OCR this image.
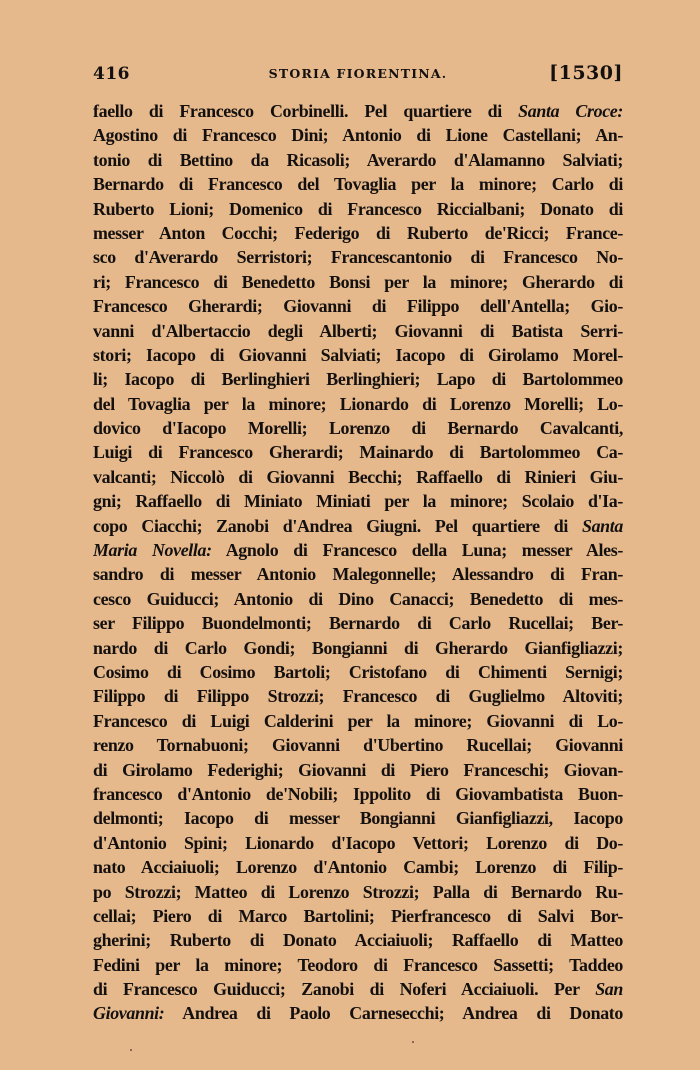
416	STORIA FIORENTINA.	[1530]
faello di Francesco Corbinelli. Pel quartiere di Santa Croce:
Agostino di Francesco Dini; Antonio di Lione Castellani; An-
tonio di Bettino da Ricasoli; Averardo d'Alamanno Salviati;
Bernardo di Francesco del Tovaglia per la minore; Carlo di
Ruberto Lioni; Domenico di Francesco Riccialbani; Donato di
messer Anton Cocchi; Federigo di Ruberto de'Ricci; France-
sco d'Averardo Serristori; Francescantonio di Francesco No-
ri; Francesco di Benedetto Bonsi per la minore; Gherardo di
Francesco Gherardi; Giovanni di Filippo dell'Antella; Gio-
vanni d'Albertaccio degli Alberti; Giovanni di Batista Serri-
stori; Iacopo di Giovanni Salviati; Iacopo di Girolamo Morel-
li; Iacopo di Berlinghieri Berlinghieri; Lapo di Bartolommeo
del Tovaglia per la minore; Lionardo di Lorenzo Morelli; Lo-
dovico d'Iacopo Morelli; Lorenzo di Bernardo Cavalcanti,
Luigi di Francesco Gherardi; Mainardo di Bartolommeo Ca-
valcanti; Niccolò di Giovanni Becchi; Raffaello di Rinieri Giu-
gni; Raffaello di Miniato Miniati per la minore; Scolaio d'Ia-
copo Ciacchi; Zanobi d'Andrea Giugni. Pel quartiere di Santa
Maria Novella: Agnolo di Francesco della Luna; messer Ales-
sandro di messer Antonio Malegonnelle; Alessandro di Fran-
cesco Guiducci; Antonio di Dino Canacci; Benedetto di mes-
ser Filippo Buondelmonti; Bernardo di Carlo Rucellai; Ber-
nardo di Carlo Gondi; Bongianni di Gherardo Gianfigliazzi;
Cosimo di Cosimo Bartoli; Cristofano di Chimenti Sernigi;
Filippo di Filippo Strozzi; Francesco di Guglielmo Altoviti;
Francesco di Luigi Calderini per la minore; Giovanni di Lo-
renzo Tornabuoni; Giovanni d'Ubertino Rucellai; Giovanni
di Girolamo Federighi; Giovanni di Piero Franceschi; Giovan-
francesco d'Antonio de'Nobili; Ippolito di Giovambatista Buon-
delmonti; Iacopo di messer Bongianni Gianfigliazzi, Iacopo
d'Antonio Spini; Lionardo d'Iacopo Vettori; Lorenzo di Do-
nato Acciaiuoli; Lorenzo d'Antonio Cambi; Lorenzo di Filip-
po Strozzi; Matteo di Lorenzo Strozzi; Palla di Bernardo Ru-
cellai; Piero di Marco Bartolini; Pierfrancesco di Salvi Bor-
gherini; Ruberto di Donato Acciaiuoli; Raffaello di Matteo
Fedini per la minore; Teodoro di Francesco Sassetti; Taddeo
di Francesco Guiducci; Zanobi di Noferi Acciaiuoli. Per San
Giovanni: Andrea di Paolo Carnesecchi; Andrea di Donato
